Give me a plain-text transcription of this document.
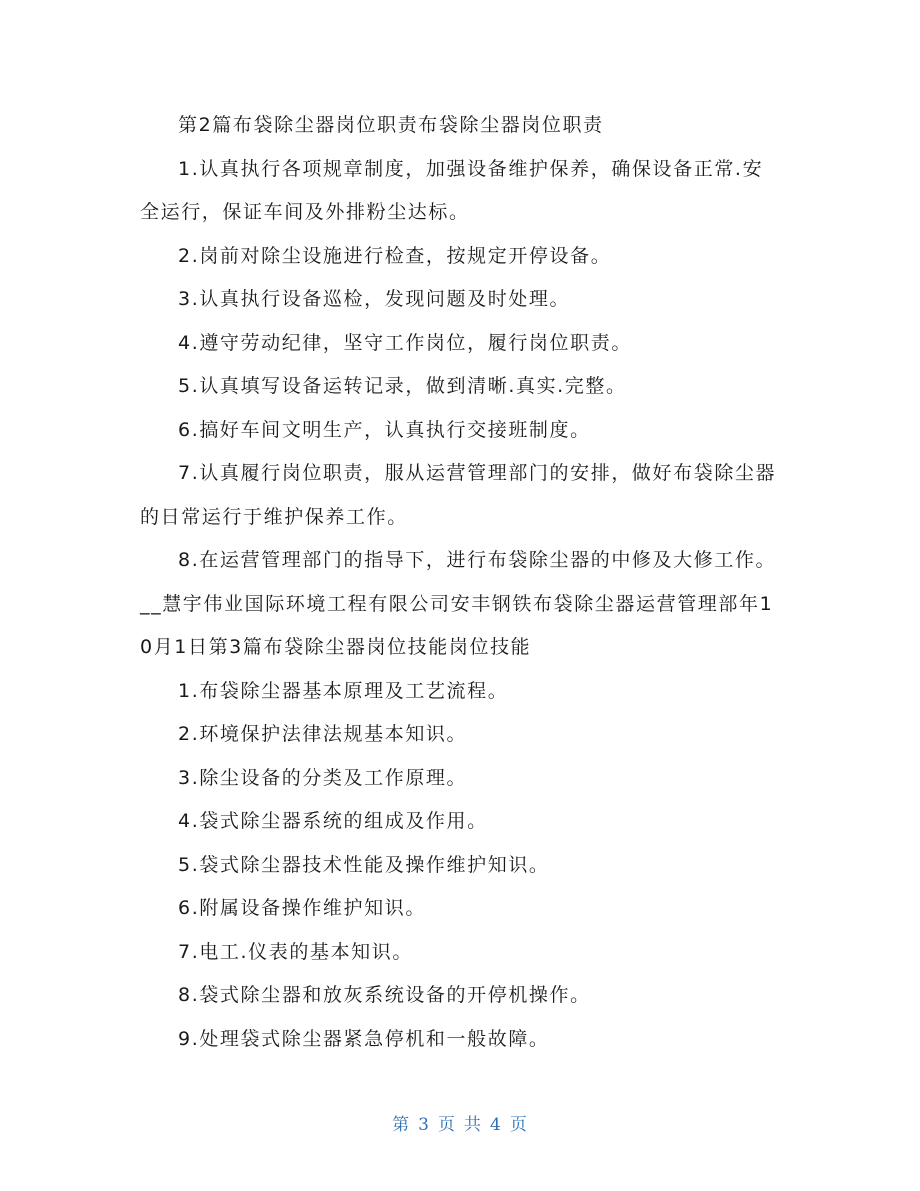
第2篇布袋除尘器岗位职责布袋除尘器岗位职责

1.认真执行各项规章制度，加强设备维护保养，确保设备正常.安全运行，保证车间及外排粉尘达标。

2.岗前对除尘设施进行检查，按规定开停设备。

3.认真执行设备巡检，发现问题及时处理。

4.遵守劳动纪律，坚守工作岗位，履行岗位职责。

5.认真填写设备运转记录，做到清晰.真实.完整。

6.搞好车间文明生产，认真执行交接班制度。

7.认真履行岗位职责，服从运营管理部门的安排，做好布袋除尘器的日常运行于维护保养工作。

8.在运营管理部门的指导下，进行布袋除尘器的中修及大修工作。__慧宇伟业国际环境工程有限公司安丰钢铁布袋除尘器运营管理部年10月1日第3篇布袋除尘器岗位技能岗位技能

1.布袋除尘器基本原理及工艺流程。

2.环境保护法律法规基本知识。

3.除尘设备的分类及工作原理。

4.袋式除尘器系统的组成及作用。

5.袋式除尘器技术性能及操作维护知识。

6.附属设备操作维护知识。

7.电工.仪表的基本知识。

8.袋式除尘器和放灰系统设备的开停机操作。

9.处理袋式除尘器紧急停机和一般故障。

第 3 页 共 4 页
